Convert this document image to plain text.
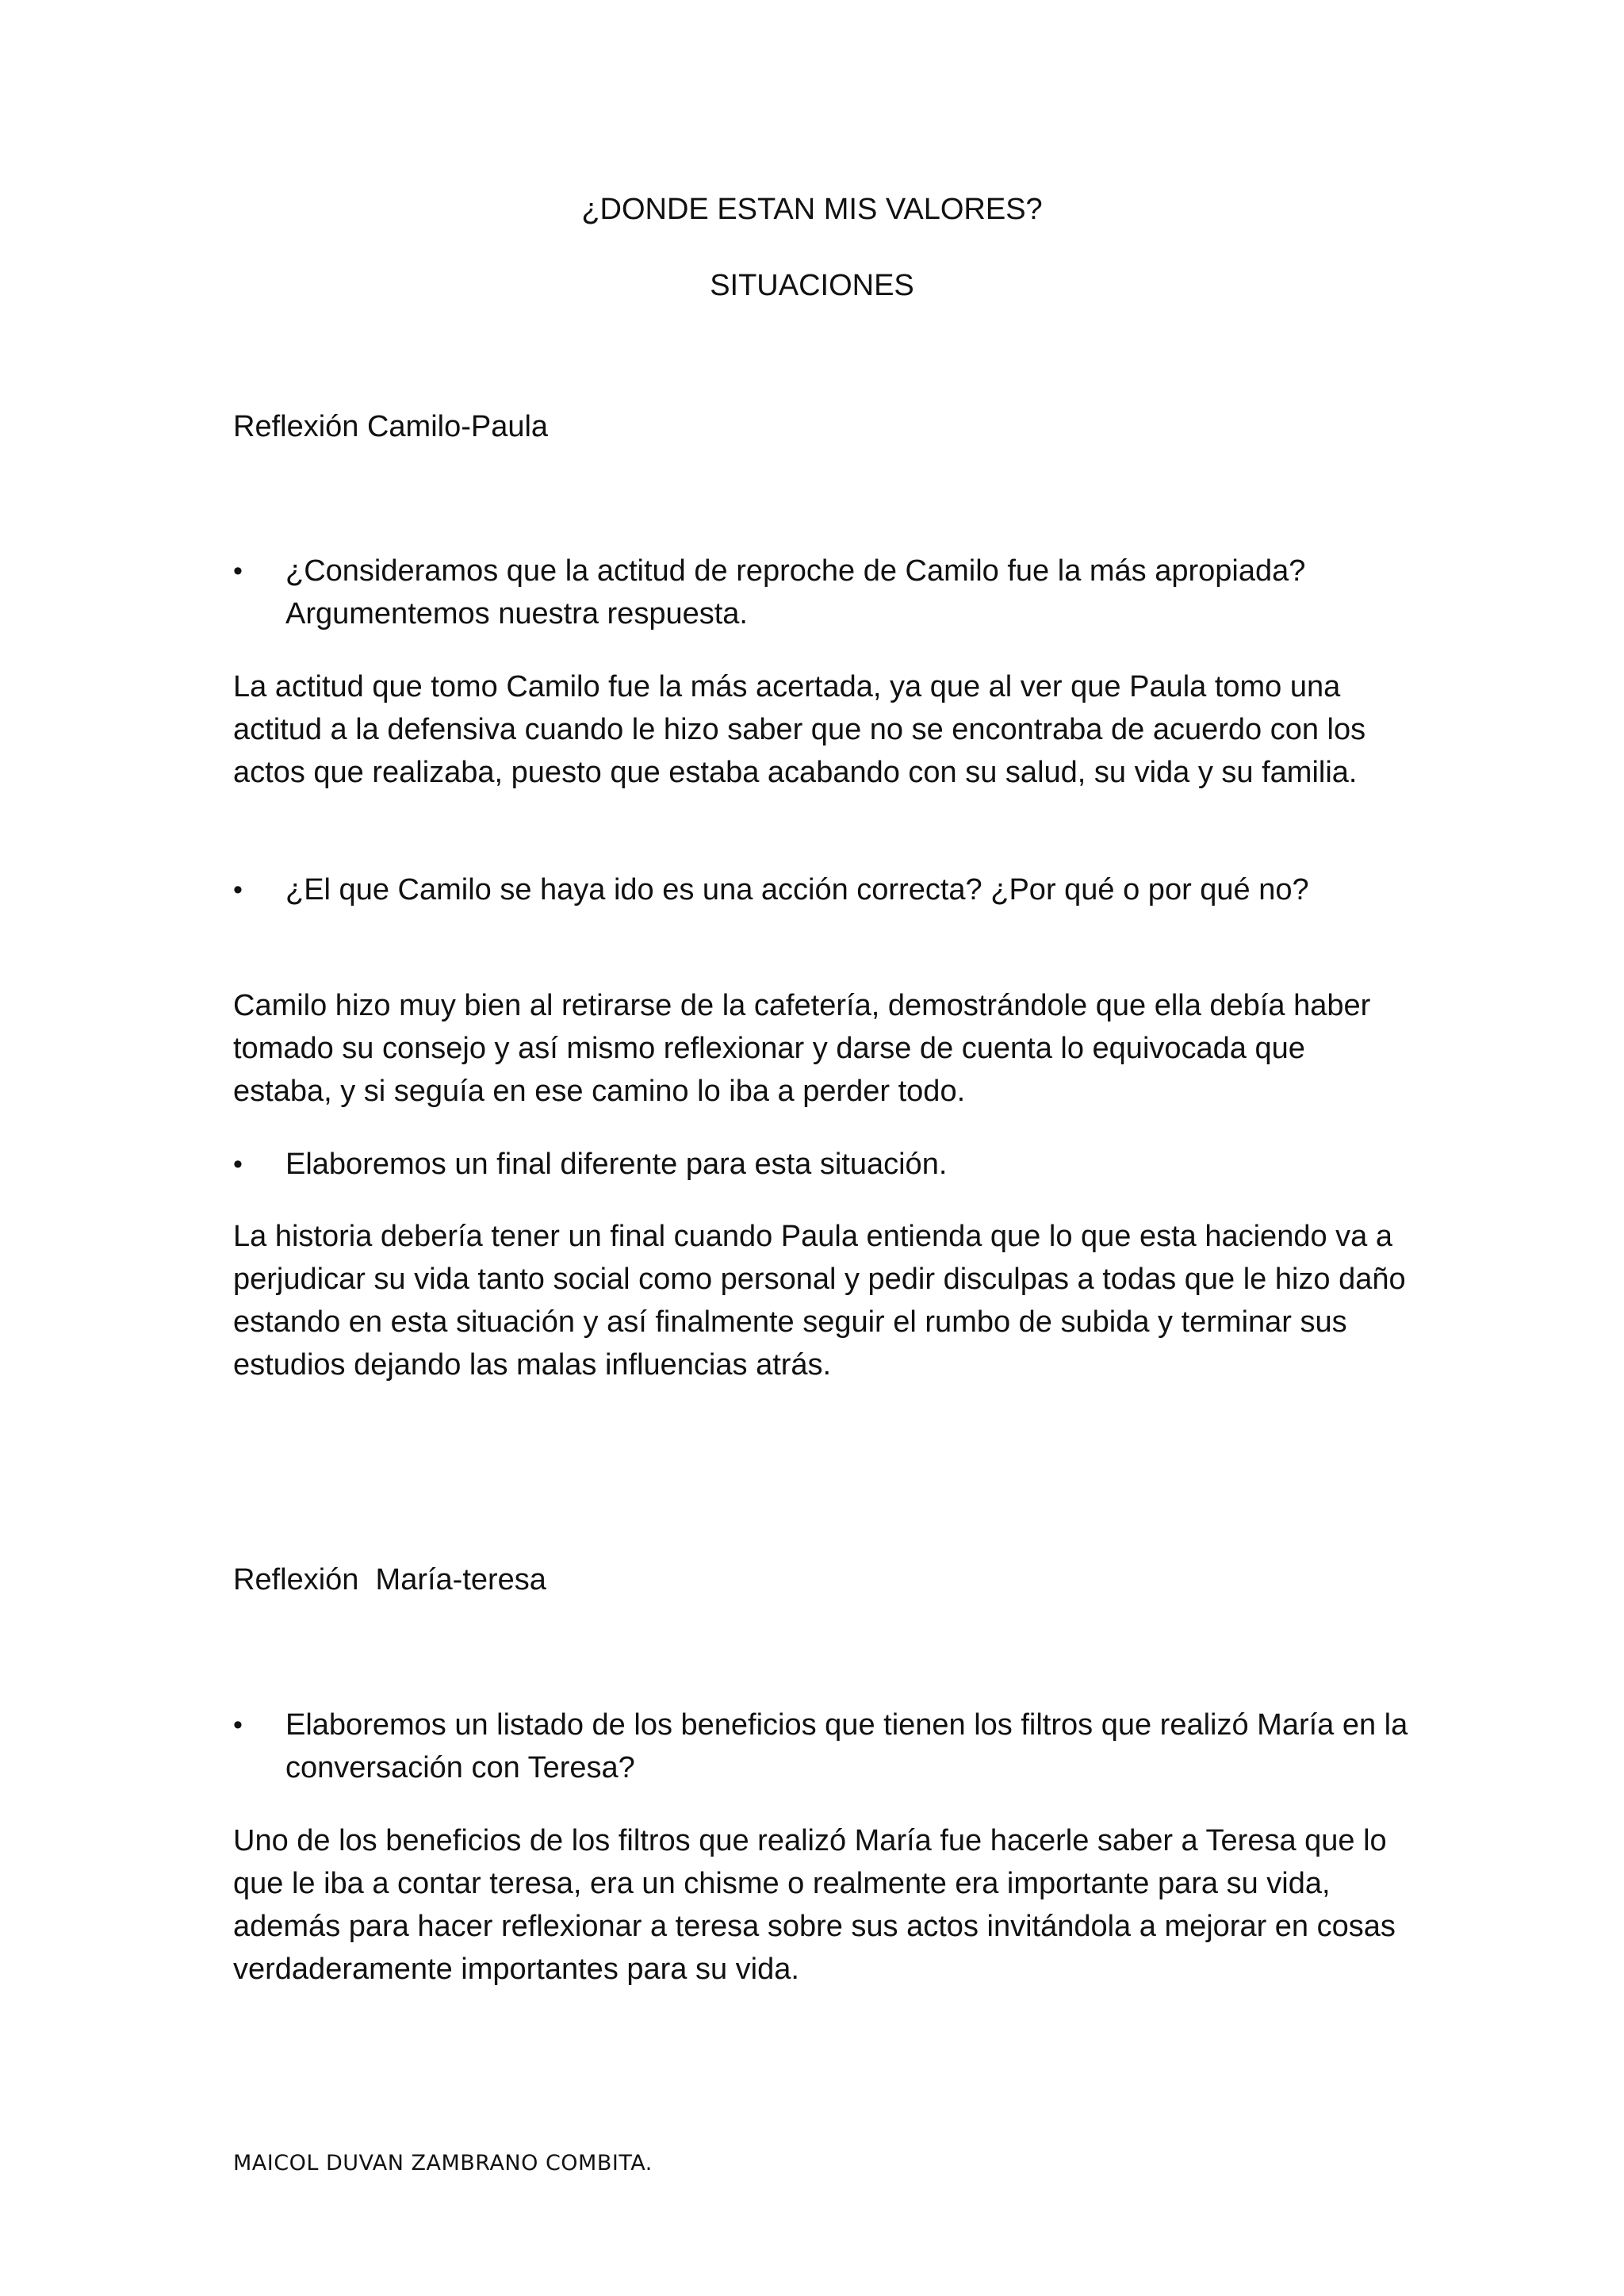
¿DONDE ESTAN MIS VALORES?
SITUACIONES
Reflexión Camilo-Paula
• ¿Consideramos que la actitud de reproche de Camilo fue la más apropiada? Argumentemos nuestra respuesta.
La actitud que tomo Camilo fue la más acertada, ya que al ver que Paula tomo una actitud a la defensiva cuando le hizo saber que no se encontraba de acuerdo con los actos que realizaba, puesto que estaba acabando con su salud, su vida y su familia.
• ¿El que Camilo se haya ido es una acción correcta? ¿Por qué o por qué no?
Camilo hizo muy bien al retirarse de la cafetería, demostrándole que ella debía haber tomado su consejo y así mismo reflexionar y darse de cuenta lo equivocada que estaba, y si seguía en ese camino lo iba a perder todo.
• Elaboremos un final diferente para esta situación.
La historia debería tener un final cuando Paula entienda que lo que esta haciendo va a perjudicar su vida tanto social como personal y pedir disculpas a todas que le hizo daño estando en esta situación y así finalmente seguir el rumbo de subida y terminar sus estudios dejando las malas influencias atrás.
Reflexión  María-teresa
• Elaboremos un listado de los beneficios que tienen los filtros que realizó María en la conversación con Teresa?
Uno de los beneficios de los filtros que realizó María fue hacerle saber a Teresa que lo que le iba a contar teresa, era un chisme o realmente era importante para su vida, además para hacer reflexionar a teresa sobre sus actos invitándola a mejorar en cosas verdaderamente importantes para su vida.
MAICOL DUVAN ZAMBRANO COMBITA.
